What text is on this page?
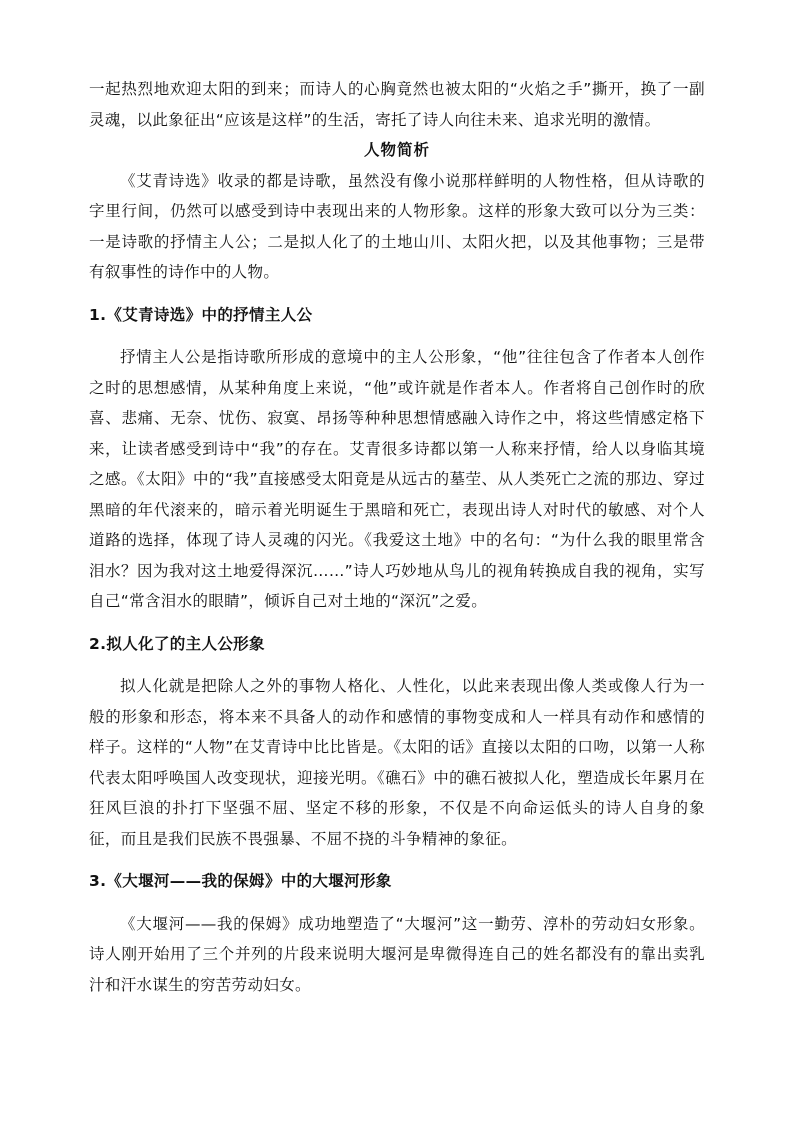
一起热烈地欢迎太阳的到来；而诗人的心胸竟然也被太阳的“火焰之手”撕开，换了一副灵魂，以此象征出“应该是这样”的生活，寄托了诗人向往未来、追求光明的激情。

人物简析

《艾青诗选》收录的都是诗歌，虽然没有像小说那样鲜明的人物性格，但从诗歌的字里行间，仍然可以感受到诗中表现出来的人物形象。这样的形象大致可以分为三类：一是诗歌的抒情主人公；二是拟人化了的土地山川、太阳火把，以及其他事物；三是带有叙事性的诗作中的人物。

1.《艾青诗选》中的抒情主人公

抒情主人公是指诗歌所形成的意境中的主人公形象，“他”往往包含了作者本人创作之时的思想感情，从某种角度上来说，“他”或许就是作者本人。作者将自己创作时的欣喜、悲痛、无奈、忧伤、寂寞、昂扬等种种思想情感融入诗作之中，将这些情感定格下来，让读者感受到诗中“我”的存在。艾青很多诗都以第一人称来抒情，给人以身临其境之感。《太阳》中的“我”直接感受太阳竟是从远古的墓茔、从人类死亡之流的那边、穿过黑暗的年代滚来的，暗示着光明诞生于黑暗和死亡，表现出诗人对时代的敏感、对个人道路的选择，体现了诗人灵魂的闪光。《我爱这土地》中的名句：“为什么我的眼里常含泪水？因为我对这土地爱得深沉……”诗人巧妙地从鸟儿的视角转换成自我的视角，实写自己“常含泪水的眼睛”，倾诉自己对土地的“深沉”之爱。

2.拟人化了的主人公形象

拟人化就是把除人之外的事物人格化、人性化，以此来表现出像人类或像人行为一般的形象和形态，将本来不具备人的动作和感情的事物变成和人一样具有动作和感情的样子。这样的“人物”在艾青诗中比比皆是。《太阳的话》直接以太阳的口吻，以第一人称代表太阳呼唤国人改变现状，迎接光明。《礁石》中的礁石被拟人化，塑造成长年累月在狂风巨浪的扑打下坚强不屈、坚定不移的形象，不仅是不向命运低头的诗人自身的象征，而且是我们民族不畏强暴、不屈不挠的斗争精神的象征。

3.《大堰河——我的保姆》中的大堰河形象

《大堰河——我的保姆》成功地塑造了“大堰河”这一勤劳、淳朴的劳动妇女形象。诗人刚开始用了三个并列的片段来说明大堰河是卑微得连自己的姓名都没有的靠出卖乳汁和汗水谋生的穷苦劳动妇女。
